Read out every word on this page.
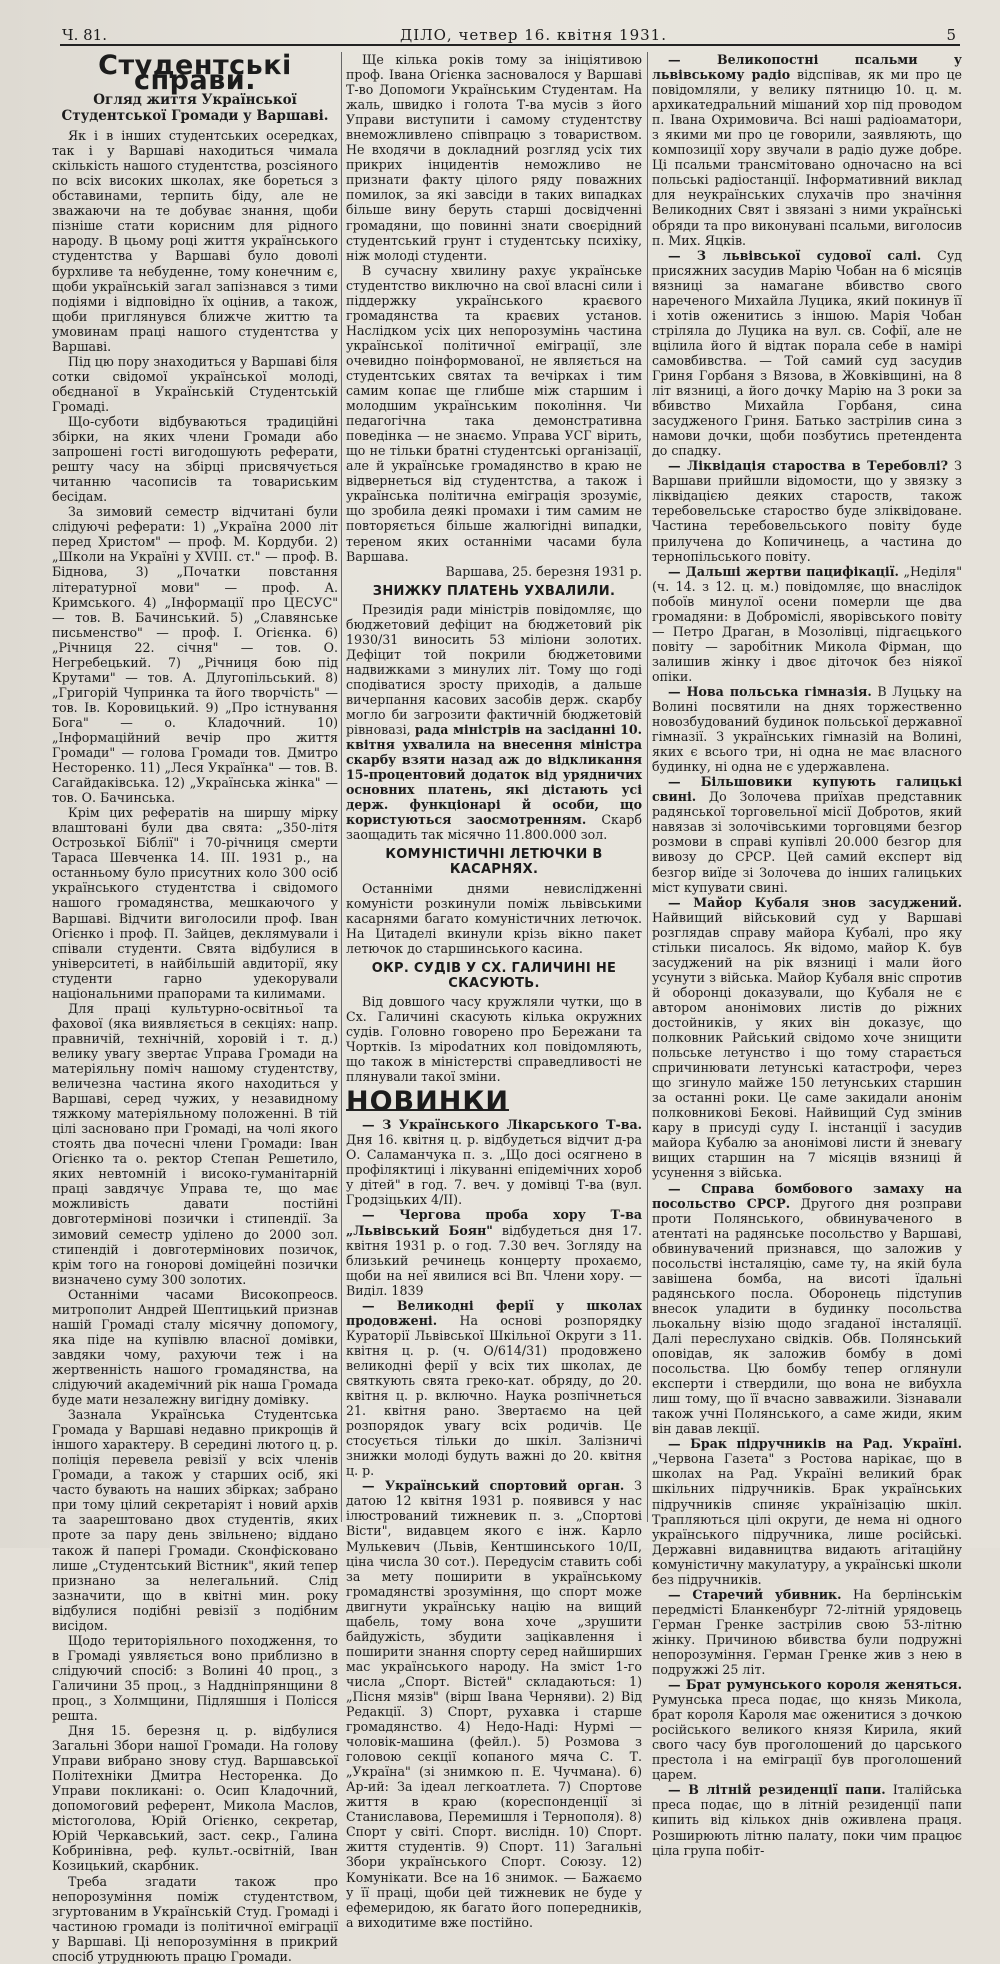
Ч. 81.	ДІЛО, четвер 16. квітня 1931.	5
Студентські справи.
Огляд життя Української Студентської Громади у Варшаві.

Як і в інших студентських осередках, так і у Варшаві находиться чимала скількість нашого студентства, розсіяного по всіх високих школах, яке бореться з обставинами, терпить біду, але не зважаючи на те добуває знання, щоби пізніше стати корисним для рідного народу. В цьому році життя українського студентства у Варшаві було доволі бурхливе та небуденне, тому конечним є, щоби українській загал запізнався з тими подіями і відповідно їх оцінив, а також, щоби приглянувся ближче життю та умовинам праці нашого студентства у Варшаві.

Під цю пору знаходиться у Варшаві біля сотки свідомої української молоді, обєднаної в Українській Студентській Громаді.

Що-суботи відбуваються традиційні збірки, на яких члени Громади або запрошені гості вигодошують реферати, решту часу на збірці присвячується читанню часописів та товариським бесідам.

За зимовий семестр відчитані були слідуючі реферати: 1) „Україна 2000 літ перед Христом" — проф. М. Кордуби. 2) „Школи на Україні у XVIII. ст." — проф. В. Біднова, 3) „Початки повстання літературної мови" — проф. А. Кримського. 4) „Інформації про ЦЕСУС" — тов. В. Бачинський. 5) „Славянське письменство" — проф. І. Огієнка. 6) „Річниця 22. січня" — тов. О. Негребецький. 7) „Річниця бою під Крутами" — тов. А. Длугопільський. 8) „Григорій Чупринка та його творчість" — тов. Ів. Коровицький. 9) „Про істнування Бога" — о. Кладочний. 10) „Інформаційний вечір про життя Громади" — голова Громади тов. Дмитро Несторенко. 11) „Леся Українка" — тов. В. Сагайдаківська. 12) „Українська жінка" — тов. О. Бачинська.

Крім цих рефератів на ширшу мірку влаштовані були два свята: „350-літя Острозької Біблії" і 70-річниця смерти Тараса Шевченка 14. ІІІ. 1931 р., на останньому було присутних коло 300 осіб українського студентства і свідомого нашого громадянства, мешкаючого у Варшаві. Відчити виголосили проф. Іван Огієнко і проф. П. Зайцев, деклямували і співали студенти. Свята відбулися в університеті, в найбільшій авдиторії, яку студенти гарно удекорували національними прапорами та килимами.

Для праці культурно-освітньої та фахової (яка виявляється в секціях: напр. правничій, технічній, хоровій і т. д.) велику увагу звертає Управа Громади на матеріяльну поміч нашому студентству, величезна частина якого находиться у Варшаві, серед чужих, у незавидному тяжкому матеріяльному положенні. В тій цілі засновано при Громаді, на чолі якого стоять два почесні члени Громади: Іван Огієнко та о. ректор Степан Решетило, яких невтомній і високо-гуманітарній праці завдячує Управа те, що має можливість давати постійні довготермінові позички і стипендії. За зимовий семестр уділено до 2000 зол. стипендій і довготермінових позичок, крім того на гонорові доміцейні позички визначено суму 300 золотих.

Останніми часами Високопреосв. митрополит Андрей Шептицький признав нашій Громаді сталу місячну допомогу, яка піде на купівлю власної домівки, завдяки чому, рахуючи теж і на жертвенність нашого громадянства, на слідуючий академічний рік наша Громада буде мати незалежну вигідну домівку.

Зазнала Українська Студентська Громада у Варшаві недавно прикрощів й іншого характеру. В середині лютого ц. р. поліція перевела ревізії у всіх членів Громади, а також у старших осіб, які часто бувають на наших збірках; забрано при тому цілий секретаріят і новий архів та заарештовано двох студентів, яких проте за пару день звільнено; віддано також й папері Громади. Сконфісковано лише „Студентський Вістник", який тепер признано за нелегальний. Слід зазначити, що в квітні мин. року відбулися подібні ревізії з подібним висідом.

Щодо територіяльного походження, то в Громаді уявляється воно приблизно в слідуючий спосіб: з Волині 40 проц., з Галичини 35 проц., з Наддніпрянщини 8 проц., з Холмщини, Підляшшя і Полісся решта.

Дня 15. березня ц. р. відбулися Загальні Збори нашої Громади. На голову Управи вибрано знову студ. Варшавської Політехніки Дмитра Несторенка. До Управи покликані: о. Осип Кладочний, допомоговий референт, Микола Маслов, містоголова, Юрій Огієнко, секретар, Юрій Черкавський, заст. секр., Галина Кобринівна, реф. культ.-освітній, Іван Козицький, скарбник.

Треба згадати також про непорозуміння поміж студентством, згуртованим в Українській Студ. Громаді і частиною громади із політичної еміграції у Варшаві. Ці непорозуміння в прикрий спосіб утруднюють працю Громади.

Ще кілька років тому за ініціятивою проф. Івана Огієнка засновалося у Варшаві Т-во Допомоги Українським Студентам. На жаль, швидко і голота Т-ва мусів з його Управи виступити і самому студентству внеможливлено співпрацю з товариством. Не входячи в докладний розгляд усіх тих прикрих інцидентів неможливо не признати факту цілого ряду поважних помилок, за які завсіди в таких випадках більше вину беруть старші досвідченні громадяни, що повинні знати своєрідний студентський грунт і студентську психіку, ніж молоді студенти.

В сучасну хвилину рахує українське студентство виключно на свої власні сили і піддержку українського краєвого громадянства та краєвих установ. Наслідком усіх цих непорозумінь частина української політичної еміграції, зле очевидно поінформованої, не являється на студентських святах та вечірках і тим самим копає ще глибше між старшим і молодшим українським покоління. Чи педагогічна така демонстративна поведінка — не знаємо. Управа УСГ вірить, що не тільки братні студентські організації, але й українське громадянство в краю не відвернеться від студентства, а також і українська політична еміграція зрозуміє, що зробила деякі промахи і тим самим не повторяється більше жалюгідні випадки, тереном яких останніми часами була Варшава.

Варшава, 25. березня 1931 р.

ЗНИЖКУ ПЛАТЕНЬ УХВАЛИЛИ.

Президія ради міністрів повідомляє, що бюджетовий дефіцит на бюджетовий рік 1930/31 виносить 53 міліони золотих. Дефіцит той покрили бюджетовими надвижками з минулих літ. Тому що годі сподіватися зросту приходів, а дальше вичерпання касових засобів держ. скарбу могло би загрозити фактичній бюджетовій рівновазі, рада міністрів на засіданні 10. квітня ухвалила на внесення міністра скарбу взяти назад аж до відкликання 15-процентовий додаток від урядничих основних платень, які дістають усі держ. функціонарі й особи, що користуються заосмотренням. Скарб заощадить так місячно 11.800.000 зол.

КОМУНІСТИЧНІ ЛЕТЮЧКИ В КАСАРНЯХ.

Останніми днями невислідженні комуністи розкинули поміж львівськими касарнями багато комуністичних летючок. На Цитаделі вкинули крізь вікно пакет летючок до старшинського касина.

ОКР. СУДІВ У СХ. ГАЛИЧИНІ НЕ СКАСУЮТЬ.

Від довшого часу кружляли чутки, що в Сх. Галичині скасують кілька окружних судів. Головно говорено про Бережани та Чортків. Із мірodaтних кол повідомляють, що також в міністерстві справедливості не плянували такої зміни.

НОВИНКИ

— З Українського Лікарського Т-ва. Дня 16. квітня ц. р. відбудеться відчит д-ра О. Саламанчука п. з. „Що досі осягнено в профіляктиці і лікуванні епідемічних хороб у дітей" в год. 7. веч. у домівці Т-ва (вул. Гродзіцьких 4/ІІ).

— Чергова проба хору Т-ва „Львівський Боян" відбудеться дня 17. квітня 1931 р. о год. 7.30 веч. Зогляду на близький речинець концерту прохаємо, щоби на неї явилися всі Вп. Члени хору. — Виділ. 1839

— Великодні ферії у школах продовжені. На основі розпорядку Кураторії Львівської Шкільної Округи з 11. квітня ц. р. (ч. О/614/31) продовжено великодні ферії у всіх тих школах, де святкують свята греко-кат. обряду, до 20. квітня ц. р. включно. Наука розпічнеться 21. квітня рано. Звертаємо на цей розпорядок увагу всіх родичів. Це стосується тільки до шкіл. Залізничі знижки молоді будуть важні до 20. квітня ц. р.

— Український спортовий орган. З датою 12 квітня 1931 р. появився у нас ілюстрований тижневик п. з. „Спортові Вісти", видавцем якого є інж. Карло Мулькевич (Львів, Кентшинського 10/ІІ, ціна числа 30 сот.). Передусім ставить собі за мету поширити в українському громадянстві зрозуміння, що спорт може двигнути українську націю на вищий щабель, тому вона хоче „зрушити байдужість, збудити зацікавлення і поширити знання спорту серед найширших мас українського народу. На зміст 1-го числа „Спорт. Вістей" складаються: 1) „Пісня мязів" (вірш Івана Черняви). 2) Від Редакції. 3) Спорт, рухавка і старше громадянство. 4) Недо-Наді: Нурмі — чоловік-машина (фейл.). 5) Розмова з головою секції копаного мяча С. Т. „Україна" (зі знимкою п. Е. Чучмана). 6) Ар-ий: За ідеал легкоатлета. 7) Спортове життя в краю (кореспонденції зі Станиславова, Перемишля і Тернополя). 8) Спорт у світі. Спорт. вислідн. 10) Спорт. життя студентів. 9) Спорт. 11) Загальні Збори українського Спорт. Союзу. 12) Комунікати. Все на 16 знимок. — Бажаємо у її праці, щоби цей тижневик не буде у ефемеридою, як багато його попередників, а виходитиме вже постійно.

— Великопостні псальми у львівському радіо відспівав, як ми про це повідомляли, у велику пятницю 10. ц. м. архикатедральний мішаний хор під проводом п. Івана Охримовича. Всі наші радіоаматори, з якими ми про це говорили, заявляють, що композиції хору звучали в радіо дуже добре. Ці псальми трансмітовано одночасно на всі польські радіостанції. Інформативний виклад для неукраїнських слухачів про значіння Великодних Свят і звязані з ними українські обряди та про виконувані псальми, виголосив п. Мих. Яцків.

— З львівської судової салі. Суд присяжних засудив Марію Чобан на 6 місяців вязниці за намагане вбивство свого нареченого Михайла Луцика, який покинув її і хотів оженитись з іншою. Марія Чобан стріляла до Луцика на вул. св. Софії, але не вцілила його й відтак порала себе в намірі самовбивства. — Той самий суд засудив Гриня Горбаня з Вязова, в Жовківщині, на 8 літ вязниці, а його дочку Марію на 3 роки за вбивство Михайла Горбаня, сина засудженого Гриня. Батько застрілив сина з намови дочки, щоби позбутись претендента до спадку.

— Ліквідація староства в Теребовлі? З Варшави прийшли відомости, що у звязку з ліквідацією деяких староств, також теребовельське староство буде зліквідоване. Частина теребовельського повіту буде прилучена до Копичинець, а частина до тернопільського повіту.

— Дальші жертви пацифікації. „Неділя" (ч. 14. з 12. ц. м.) повідомляє, що внаслідок побоїв минулої осени померли ще два громадяни: в Доброміслі, яворівського повіту — Петро Драган, в Мозолівці, підгаєцького повіту — заробітник Микола Фірман, що залишив жінку і двоє діточок без ніякої опіки.

— Нова польська гімназія. В Луцьку на Волині посвятили на днях торжественно новозбудований будинок польської державної гімназії. З українських гімназій на Волині, яких є всього три, ні одна не має власного будинку, ні одна не є удержавлена.

— Більшовики купують галицькі свині. До Золочева приїхав представник радянської торговельної місії Добротов, який навязав зі золочівськими торговцями безгор розмови в справі купівлі 20.000 безгор для вивозу до СРСР. Цей самий експерт від безгор виїде зі Золочева до інших галицьких міст купувати свині.

— Майор Кубаля знов засуджений. Найвищий військовий суд у Варшаві розглядав справу майора Кубалі, про яку стільки писалось. Як відомо, майор К. був засуджений на рік вязниці і мали його усунути з війська. Майор Кубаля вніс спротив й оборонці доказували, що Кубаля не є автором анонімових листів до ріжних достойників, у яких він доказує, що полковник Райський свідомо хоче знищити польське летунство і що тому старається спричинювати летунські катастрофи, через що згинуло майже 150 летунських старшин за останні роки. Це саме закидали анонім полковникові Бекові. Найвищий Суд змінив кару в присуді суду І. інстанції і засудив майора Кубалю за анонімові листи й зневагу вищих старшин на 7 місяців вязниці й усунення з війська.

— Справа бомбового замаху на посольство СРСР. Другого дня розправи проти Полянського, обвинуваченого в атентаті на радянське посольство у Варшаві, обвинувачений признався, що заложив у посольстві інсталяцію, саме ту, на якій була завішена бомба, на висоті їдальні радянського посла. Оборонець підступив внесок уладити в будинку посольства льокальну візію щодо згаданої інсталяції. Далі переслухано свідків. Обв. Полянський оповідав, як заложив бомбу в домі посольства. Цю бомбу тепер оглянули експерти і ствердили, що вона не вибухла лиш тому, що її вчасно завважили. Зізнавали також учні Полянського, а саме жиди, яким він давав лекції.

— Брак підручників на Рад. Україні. „Червона Газета" з Ростова нарікає, що в школах на Рад. Україні великий брак шкільних підручників. Брак українських підручників спиняє українізацію шкіл. Трапляються цілі округи, де нема ні одного українського підручника, лише російські. Державні видавництва видають агітаційну комуністичну макулатуру, а українські школи без підручників.

— Старечий убивник. На берлінськім передмісті Бланкенбург 72-літній урядовець Герман Гренке застрілив свою 53-літню жінку. Причиною вбивства були подружні непорозуміння. Герман Гренке жив з нею в подружжі 25 літ.

— Брат румунського короля женяться. Румунська преса подає, що князь Микола, брат короля Кароля має оженитися з дочкою російського великого князя Кирила, який свого часу був проголошений до царського престола і на еміграції був проголошений царем.

— В літній резиденції папи. Італійська преса подає, що в літній резиденції папи кипить від кількох днів оживлена праця. Розширюють літню палату, поки чим працює ціла група побіт-
